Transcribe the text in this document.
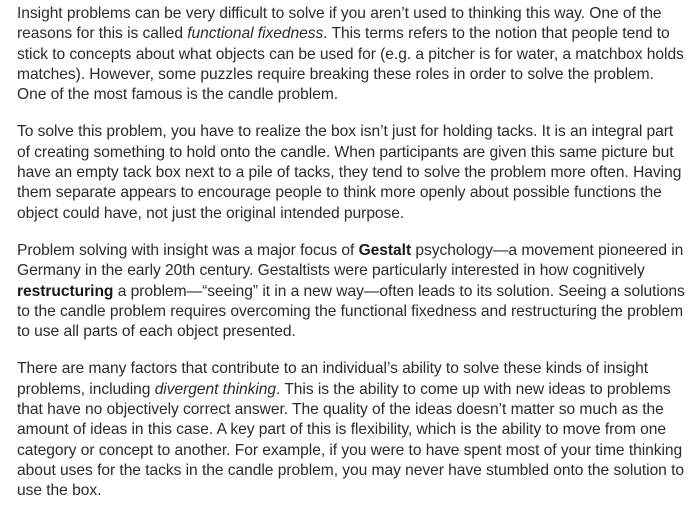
Insight problems can be very difficult to solve if you aren’t used to thinking this way. One of the reasons for this is called functional fixedness. This terms refers to the notion that people tend to stick to concepts about what objects can be used for (e.g. a pitcher is for water, a matchbox holds matches). However, some puzzles require breaking these roles in order to solve the problem. One of the most famous is the candle problem.

To solve this problem, you have to realize the box isn’t just for holding tacks. It is an integral part of creating something to hold onto the candle. When participants are given this same picture but have an empty tack box next to a pile of tacks, they tend to solve the problem more often. Having them separate appears to encourage people to think more openly about possible functions the object could have, not just the original intended purpose.

Problem solving with insight was a major focus of Gestalt psychology—a movement pioneered in Germany in the early 20th century. Gestaltists were particularly interested in how cognitively restructuring a problem—“seeing” it in a new way—often leads to its solution. Seeing a solutions to the candle problem requires overcoming the functional fixedness and restructuring the problem to use all parts of each object presented.

There are many factors that contribute to an individual’s ability to solve these kinds of insight problems, including divergent thinking. This is the ability to come up with new ideas to problems that have no objectively correct answer. The quality of the ideas doesn’t matter so much as the amount of ideas in this case. A key part of this is flexibility, which is the ability to move from one category or concept to another. For example, if you were to have spent most of your time thinking about uses for the tacks in the candle problem, you may never have stumbled onto the solution to use the box.
